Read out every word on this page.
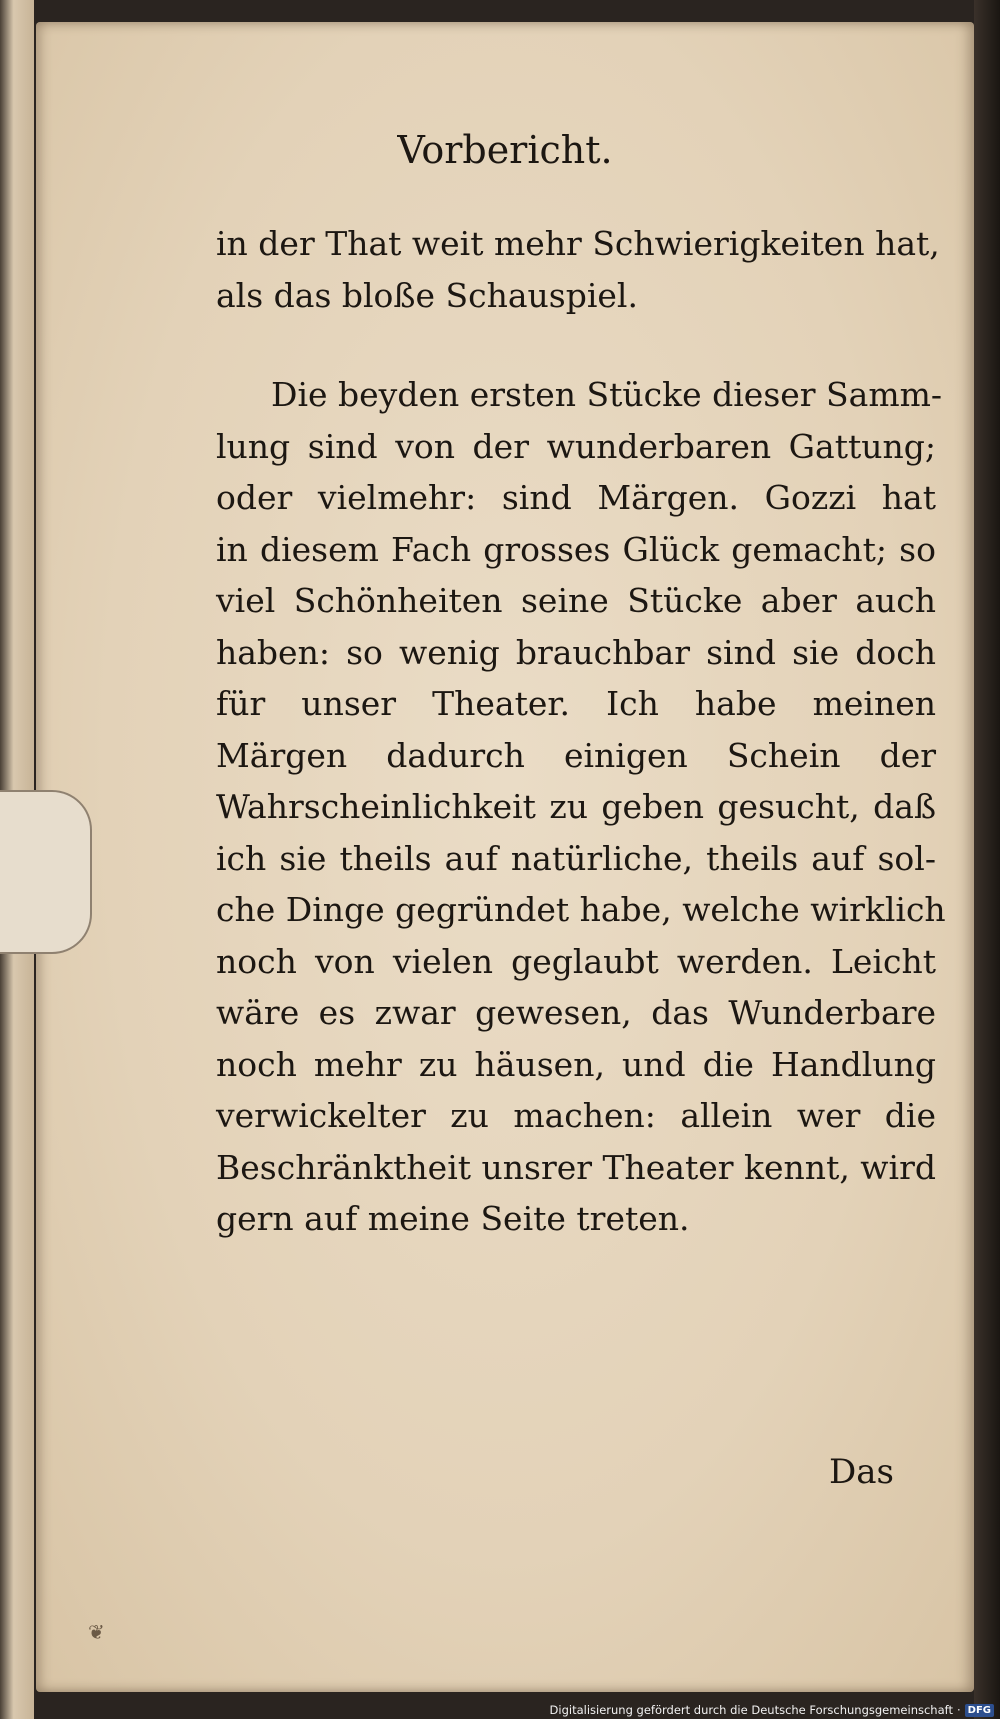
Vorbericht.
in der That weit mehr Schwierigkeiten hat,
als das bloße Schauspiel.
Die beyden ersten Stücke dieser Samm-
lung sind von der wunderbaren Gattung;
oder vielmehr: sind Märgen. Gozzi hat
in diesem Fach grosses Glück gemacht; so
viel Schönheiten seine Stücke aber auch
haben: so wenig brauchbar sind sie doch
für unser Theater. Ich habe meinen
Märgen dadurch einigen Schein der
Wahrscheinlichkeit zu geben gesucht, daß
ich sie theils auf natürliche, theils auf sol-
che Dinge gegründet habe, welche wirklich
noch von vielen geglaubt werden. Leicht
wäre es zwar gewesen, das Wunderbare
noch mehr zu häusen, und die Handlung
verwickelter zu machen: allein wer die
Beschränktheit unsrer Theater kennt, wird
gern auf meine Seite treten.
Das
❦
Digitalisierung gefördert durch die Deutsche Forschungsgemeinschaft · DFG
